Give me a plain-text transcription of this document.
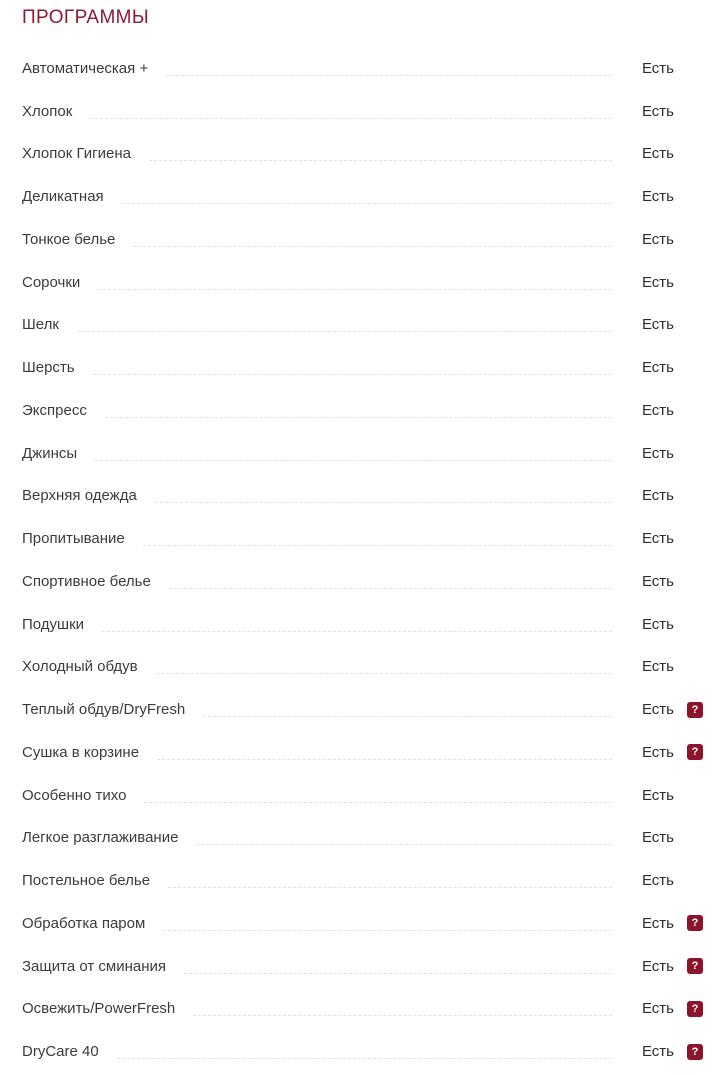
ПРОГРАММЫ
Автоматическая +	Есть
Хлопок	Есть
Хлопок Гигиена	Есть
Деликатная	Есть
Тонкое белье	Есть
Сорочки	Есть
Шелк	Есть
Шерсть	Есть
Экспресс	Есть
Джинсы	Есть
Верхняя одежда	Есть
Пропитывание	Есть
Спортивное белье	Есть
Подушки	Есть
Холодный обдув	Есть
Теплый обдув/DryFresh	Есть	?
Сушка в корзине	Есть	?
Особенно тихо	Есть
Легкое разглаживание	Есть
Постельное белье	Есть
Обработка паром	Есть	?
Защита от сминания	Есть	?
Освежить/PowerFresh	Есть	?
DryCare 40	Есть	?
